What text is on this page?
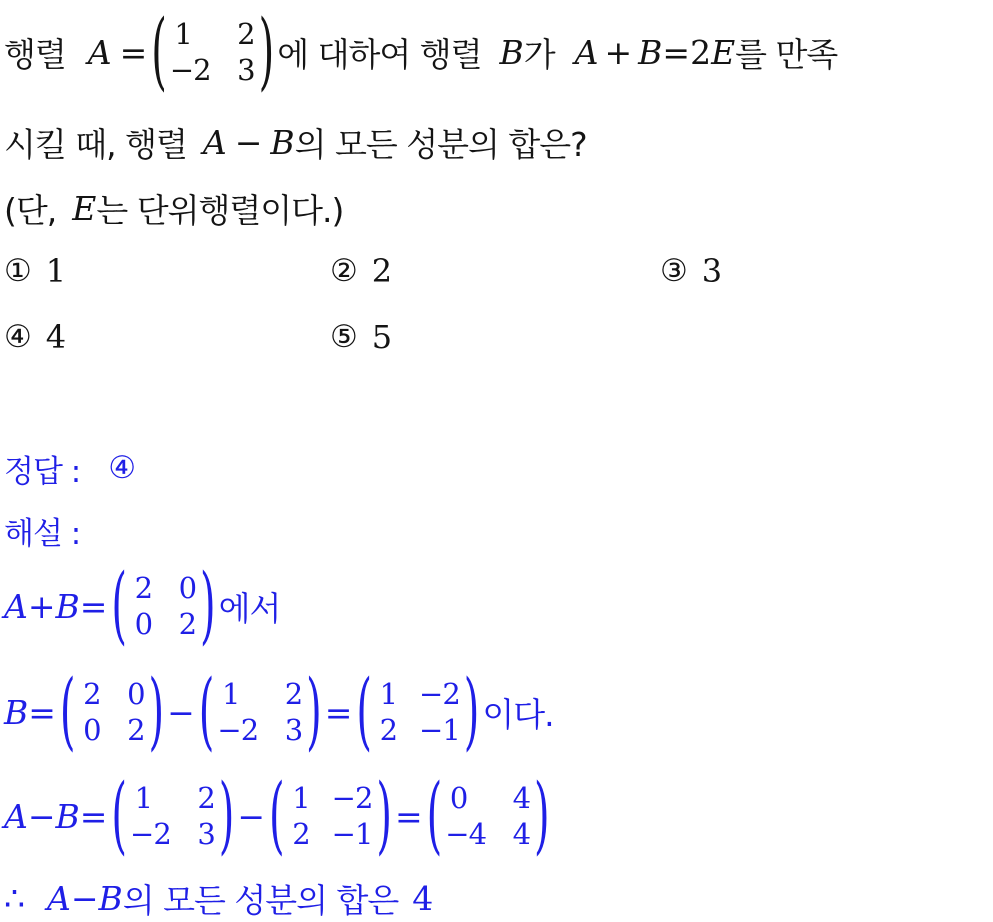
행렬 A = ( 1 2
−2 3 ) 에 대하여 행렬 B 가 A + B = 2 E 를 만족
시킬 때, 행렬 A − B 의 모든 성분의 합은?
(단, E 는 단위행렬이다.)
① 1	② 2	③ 3
④ 4	⑤ 5
정답 : ④
해설 :
A + B = ( 2 0
0 2 ) 에서
B = ( 2 0
0 2 ) − ( 1 2
−2 3 ) = ( 1 −2
2 −1 ) 이다.
A − B = ( 1 2
−2 3 ) − ( 1 −2
2 −1 ) = ( 0 4
−4 4 )
∴ A − B 의 모든 성분의 합은 4
